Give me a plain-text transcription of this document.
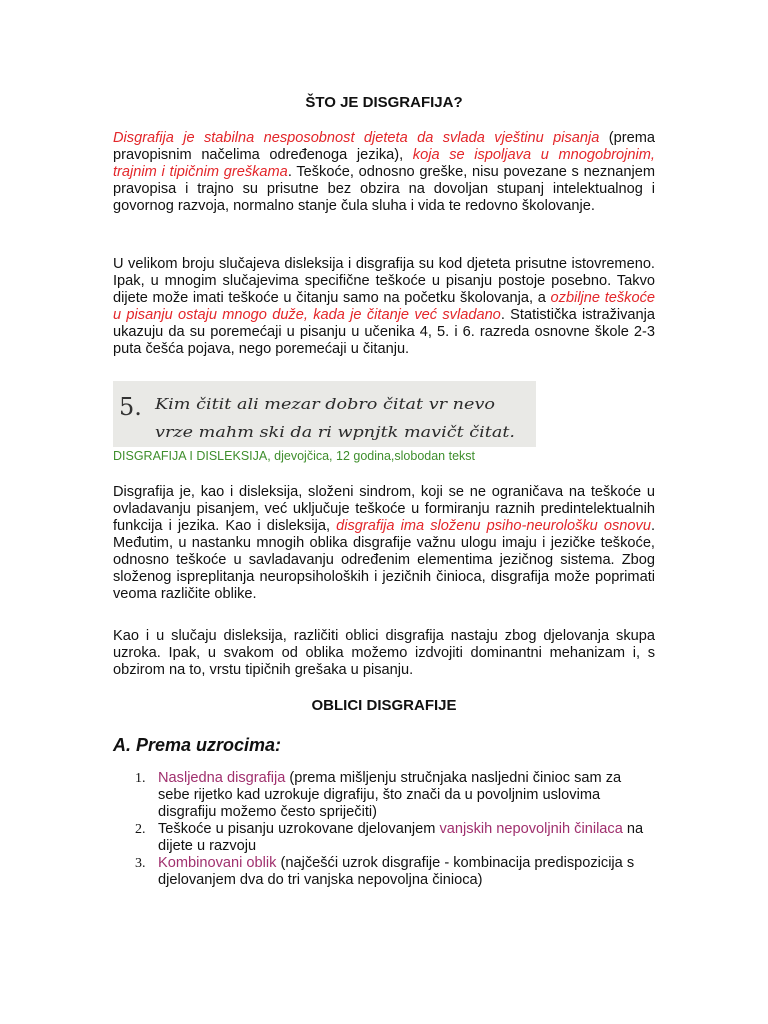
ŠTO JE DISGRAFIJA?

Disgrafija je stabilna nesposobnost djeteta da svlada vještinu pisanja (prema pravopisnim načelima određenoga jezika), koja se ispoljava u mnogobrojnim, trajnim i tipičnim greškama. Teškoće, odnosno greške, nisu povezane s neznanjem pravopisa i trajno su prisutne bez obzira na dovoljan stupanj intelektualnog i govornog razvoja, normalno stanje čula sluha i vida te redovno školovanje.

U velikom broju slučajeva disleksija i disgrafija su kod djeteta prisutne istovremeno. Ipak, u mnogim slučajevima specifične teškoće u pisanju postoje posebno. Takvo dijete može imati teškoće u čitanju samo na početku školovanja, a ozbiljne teškoće u pisanju ostaju mnogo duže, kada je čitanje već svladano. Statistička istraživanja ukazuju da su poremećaji u pisanju u učenika 4, 5. i 6. razreda osnovne škole 2-3 puta češća pojava, nego poremećaji u čitanju.

5. Kim čitit ali mezar dobro čitat vr nevo
vrze mahm ski da ri wpnjtk mavičt čitat.

DISGRAFIJA I DISLEKSIJA, djevojčica, 12 godina,slobodan tekst

Disgrafija je, kao i disleksija, složeni sindrom, koji se ne ograničava na teškoće u ovladavanju pisanjem, već uključuje teškoće u formiranju raznih predintelektualnih funkcija i jezika. Kao i disleksija, disgrafija ima složenu psiho-neurološku osnovu. Međutim, u nastanku mnogih oblika disgrafije važnu ulogu imaju i jezičke teškoće, odnosno teškoće u savladavanju određenim elementima jezičnog sistema. Zbog složenog ispreplitanja neuropsiholoških i jezičnih činioca, disgrafija može poprimati veoma različite oblike.

Kao i u slučaju disleksija, različiti oblici disgrafija nastaju zbog djelovanja skupa uzroka. Ipak, u svakom od oblika možemo izdvojiti dominantni mehanizam i, s obzirom na to, vrstu tipičnih grešaka u pisanju.

OBLICI DISGRAFIJE
A. Prema uzrocima:
1. Nasljedna disgrafija (prema mišljenju stručnjaka nasljedni činioc sam za sebe rijetko kad uzrokuje digrafiju, što znači da u povoljnim uslovima disgrafiju možemo često spriječiti)
2. Teškoće u pisanju uzrokovane djelovanjem vanjskih nepovoljnih činilaca na dijete u razvoju
3. Kombinovani oblik (najčešći uzrok disgrafije - kombinacija predispozicija s djelovanjem dva do tri vanjska nepovoljna činioca)
